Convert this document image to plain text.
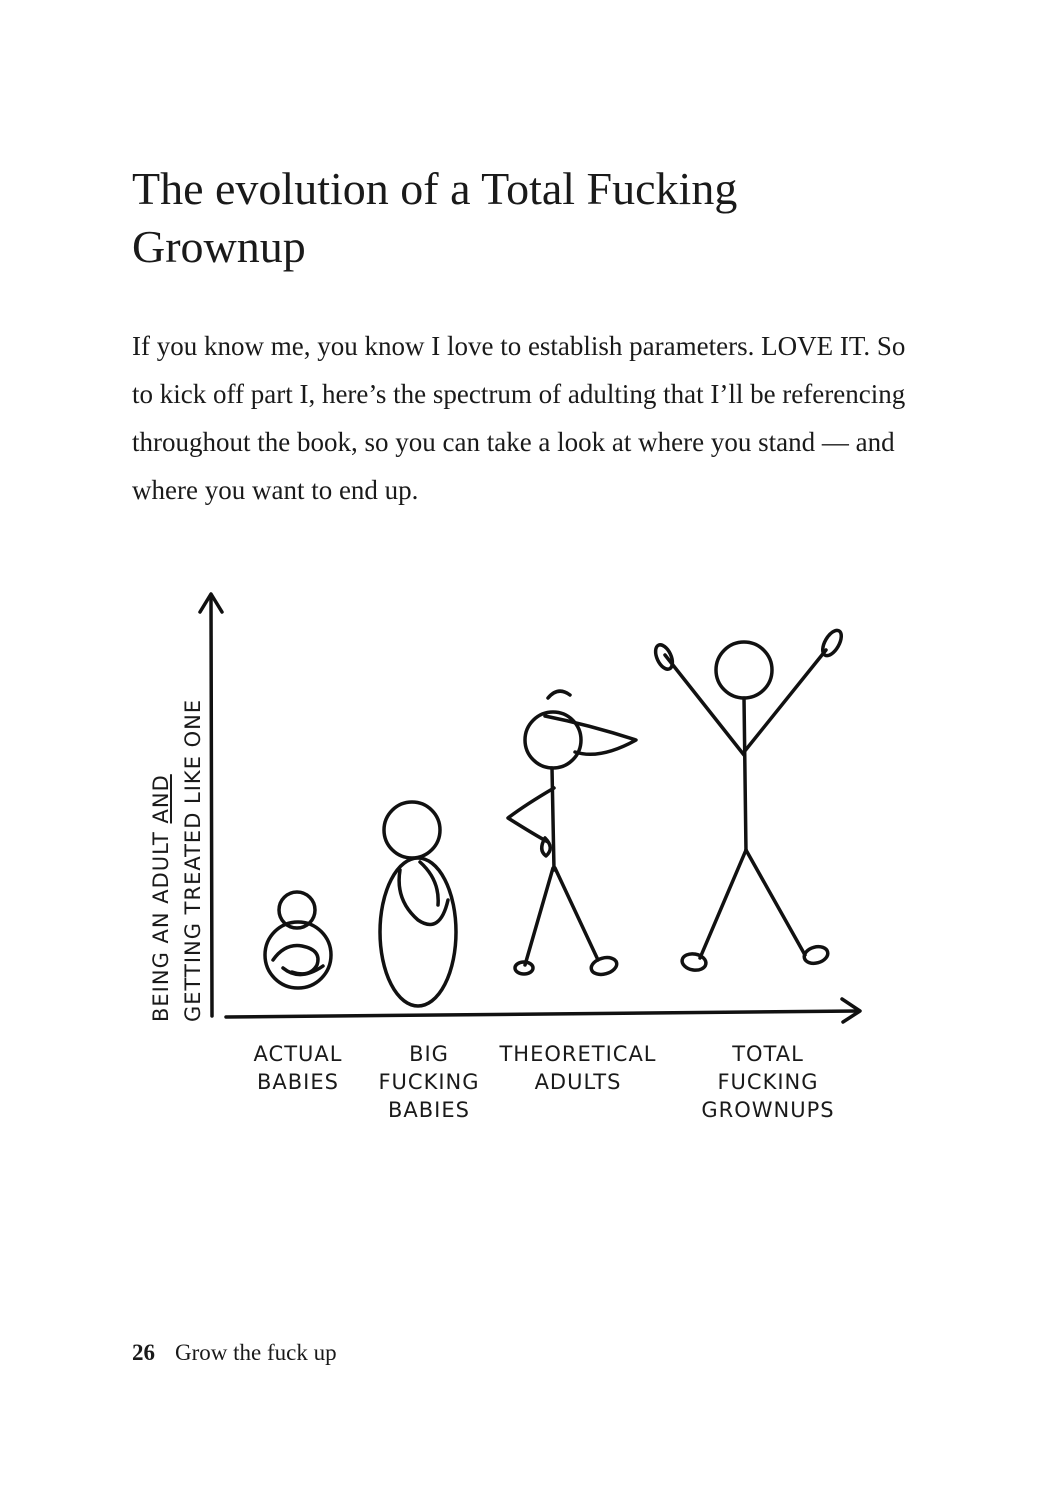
The evolution of a Total Fucking Grownup

If you know me, you know I love to establish parameters. LOVE IT. So to kick off part I, here’s the spectrum of adulting that I’ll be referencing throughout the book, so you can take a look at where you stand — and where you want to end up.

BEING AN ADULT AND GETTING TREATED LIKE ONE
ACTUAL
BABIES
BIG
FUCKING
BABIES
THEORETICAL
ADULTS
TOTAL
FUCKING
GROWNUPS
26 Grow the fuck up
